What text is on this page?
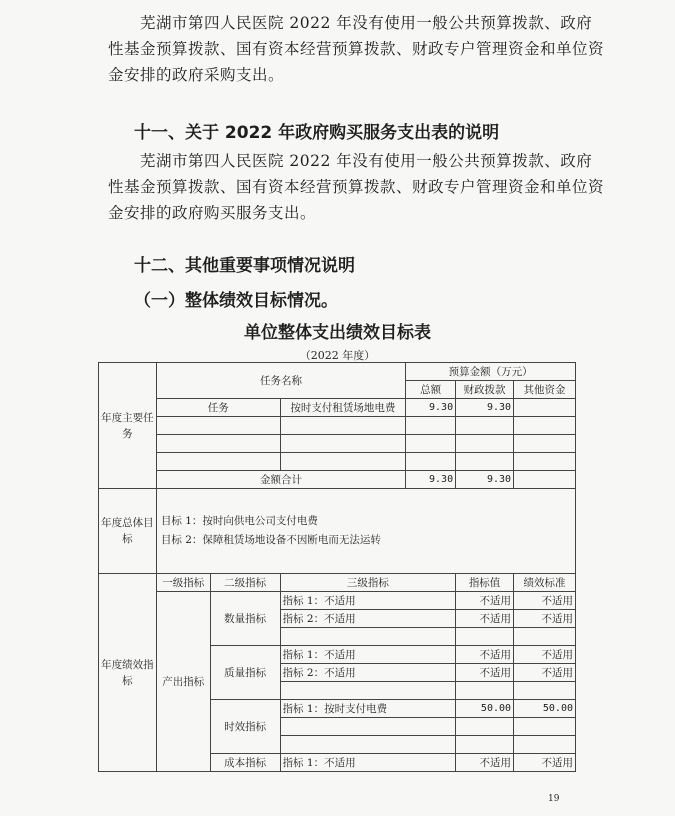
芜湖市第四人民医院 2022 年没有使用一般公共预算拨款、政府性基金预算拨款、国有资本经营预算拨款、财政专户管理资金和单位资金安排的政府采购支出。
十一、关于 2022 年政府购买服务支出表的说明
芜湖市第四人民医院 2022 年没有使用一般公共预算拨款、政府性基金预算拨款、国有资本经营预算拨款、财政专户管理资金和单位资金安排的政府购买服务支出。
十二、其他重要事项情况说明
（一）整体绩效目标情况。
单位整体支出绩效目标表
（2022 年度）
年度主要任务	任务名称			预算金额（万元）		
				总额	财政拨款	其他资金
	任务		按时支付租赁场地电费	9.30	9.30	

	金额合计			9.30	9.30	
年度总体目标	目标 1：按时向供电公司支付电费
目标 2：保障租赁场地设备不因断电而无法运转					

年度绩效指标	一级指标	二级指标	三级指标		指标值	绩效标准
	产出指标	数量指标	指标 1：不适用		不适用	不适用
			指标 2：不适用		不适用	不适用

		质量指标	指标 1：不适用		不适用	不适用
			指标 2：不适用		不适用	不适用

		时效指标	指标 1：按时支付电费		50.00	50.00

		成本指标	指标 1：不适用		不适用	不适用
19
